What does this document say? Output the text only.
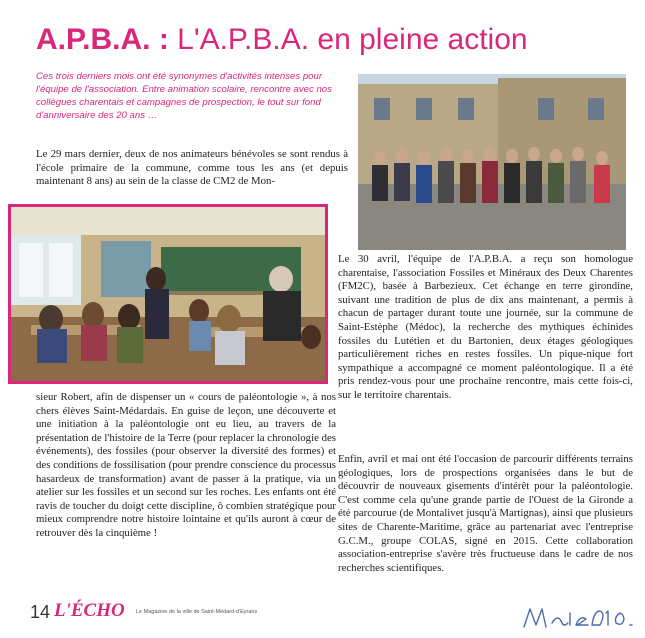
A.P.B.A. : L'A.P.B.A. en pleine action

Ces trois derniers mois ont été synonymes d'activités intenses pour l'équipe de l'association. Entre animation scolaire, rencontre avec nos collègues charentais et campagnes de prospection, le tout sur fond d'anniversaire des 20 ans …

Le 29 mars dernier, deux de nos animateurs bénévoles se sont rendus à l'école primaire de la commune, comme tous les ans (et depuis maintenant 8 ans) au sein de la classe de CM2 de Mon-

sieur Robert, afin de dispenser un « cours de paléontologie », à nos chers élèves Saint-Médardais. En guise de leçon, une découverte et une initiation à la paléontologie ont eu lieu, au travers de la présentation de l'histoire de la Terre (pour replacer la chronologie des événements), des fossiles (pour observer la diversité des formes) et des conditions de fossilisation (pour prendre conscience du processus hasardeux de transformation) avant de passer à la pratique, via un atelier sur les fossiles et un second sur les roches. Les enfants ont été ravis de toucher du doigt cette discipline, ô combien stratégique pour mieux comprendre notre histoire lointaine et qu'ils auront à cœur de retrouver dès la cinquième !

Le 30 avril, l'équipe de l'A.P.B.A. a reçu son homologue charentaise, l'association Fossiles et Minéraux des Deux Charentes (FM2C), basée à Barbezieux. Cet échange en terre girondine, suivant une tradition de plus de dix ans maintenant, a permis à chacun de partager durant toute une journée, sur la commune de Saint-Estèphe (Médoc), la recherche des mythiques échinides fossiles du Lutétien et du Bartonien, deux étages géologiques particulièrement riches en restes fossiles. Un pique-nique fort sympathique a accompagné ce moment paléontologique. Il a été pris rendez-vous pour une prochaine rencontre, mais cette fois-ci, sur le territoire charentais.

Enfin, avril et mai ont été l'occasion de parcourir différents terrains géologiques, lors de prospections organisées dans le but de découvrir de nouveaux gisements d'intérêt pour la paléontologie. C'est comme cela qu'une grande partie de l'Ouest de la Gironde a été parcourue (de Montalivet jusqu'à Martignas), ainsi que plusieurs sites de Charente-Maritime, grâce au partenariat avec l'entreprise G.C.M., groupe COLAS, signé en 2015. Cette collaboration association-entreprise s'avère très fructueuse dans le cadre de nos recherches scientifiques.

14 L'ÉCHO Le Magazine de la ville de Saint-Médard-d'Eyrans
